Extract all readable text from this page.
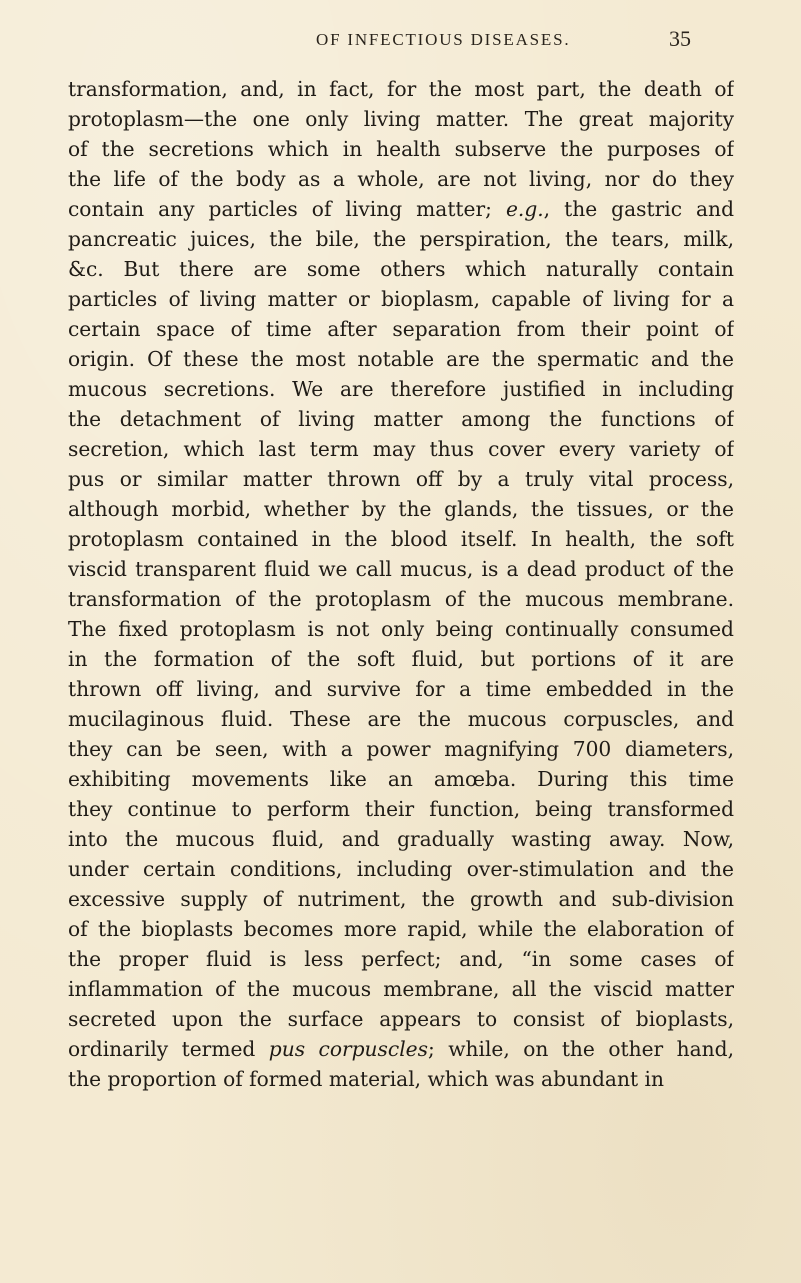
OF INFECTIOUS DISEASES.	35
transformation, and, in fact, for the most part, the death of
protoplasm—the one only living matter. The great majority
of the secretions which in health subserve the purposes of
the life of the body as a whole, are not living, nor do they
contain any particles of living matter; e.g., the gastric and
pancreatic juices, the bile, the perspiration, the tears, milk,
&c. But there are some others which naturally contain
particles of living matter or bioplasm, capable of living for a
certain space of time after separation from their point of
origin. Of these the most notable are the spermatic and the
mucous secretions. We are therefore justified in including
the detachment of living matter among the functions of
secretion, which last term may thus cover every variety of
pus or similar matter thrown off by a truly vital process,
although morbid, whether by the glands, the tissues, or the
protoplasm contained in the blood itself. In health, the soft
viscid transparent fluid we call mucus, is a dead product of the
transformation of the protoplasm of the mucous membrane.
The fixed protoplasm is not only being continually consumed
in the formation of the soft fluid, but portions of it are
thrown off living, and survive for a time embedded in the
mucilaginous fluid. These are the mucous corpuscles, and
they can be seen, with a power magnifying 700 diameters,
exhibiting movements like an amœba. During this time
they continue to perform their function, being transformed
into the mucous fluid, and gradually wasting away. Now,
under certain conditions, including over-stimulation and the
excessive supply of nutriment, the growth and sub-division
of the bioplasts becomes more rapid, while the elaboration of
the proper fluid is less perfect; and, “in some cases of
inflammation of the mucous membrane, all the viscid matter
secreted upon the surface appears to consist of bioplasts,
ordinarily termed pus corpuscles; while, on the other hand,
the proportion of formed material, which was abundant in
